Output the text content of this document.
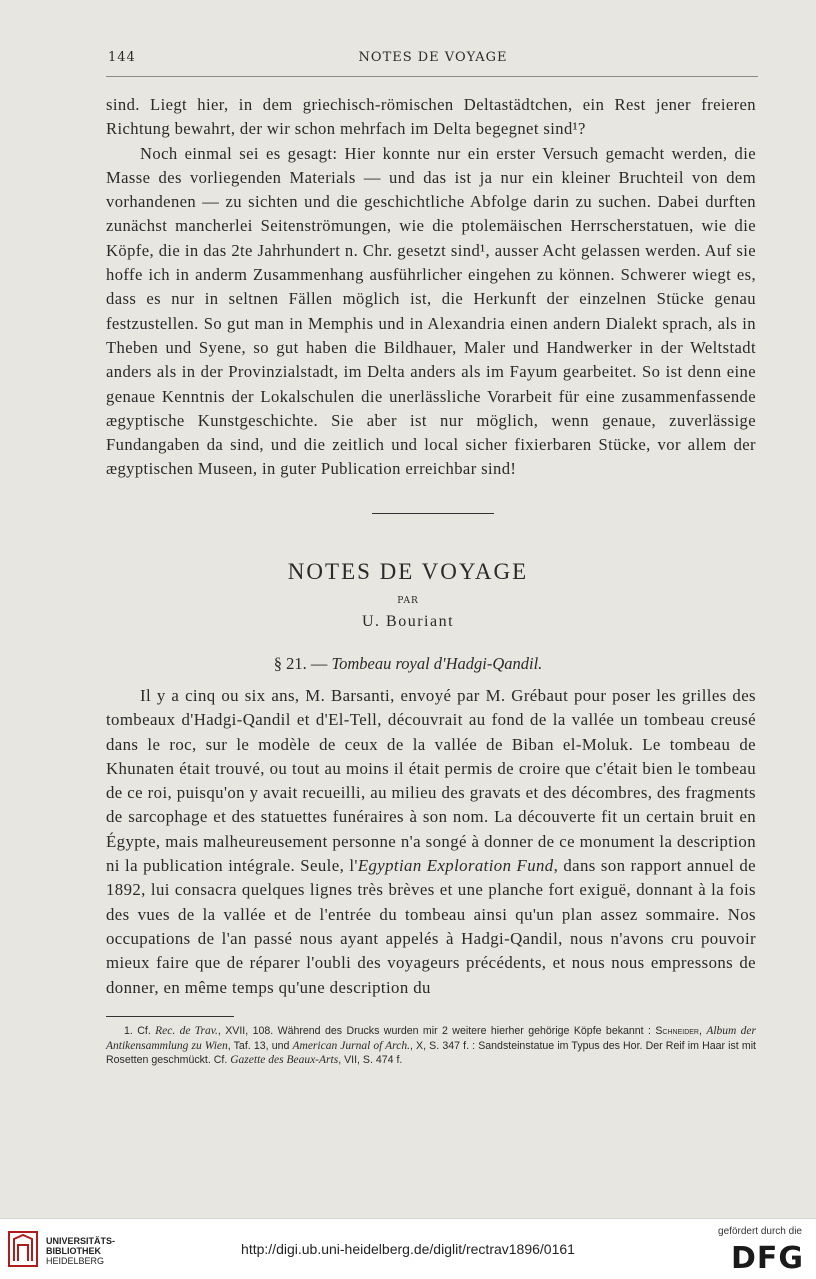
144	NOTES DE VOYAGE

sind. Liegt hier, in dem griechisch-römischen Deltastädtchen, ein Rest jener freieren Richtung bewahrt, der wir schon mehrfach im Delta begegnet sind¹?

Noch einmal sei es gesagt: Hier konnte nur ein erster Versuch gemacht werden, die Masse des vorliegenden Materials — und das ist ja nur ein kleiner Bruchteil von dem vorhandenen — zu sichten und die geschichtliche Abfolge darin zu suchen. Dabei durften zunächst mancherlei Seitenströmungen, wie die ptolemäischen Herrscherstatuen, wie die Köpfe, die in das 2te Jahrhundert n. Chr. gesetzt sind¹, ausser Acht gelassen werden. Auf sie hoffe ich in anderm Zusammenhang ausführlicher eingehen zu können. Schwerer wiegt es, dass es nur in seltnen Fällen möglich ist, die Herkunft der einzelnen Stücke genau festzustellen. So gut man in Memphis und in Alexandria einen andern Dialekt sprach, als in Theben und Syene, so gut haben die Bildhauer, Maler und Handwerker in der Weltstadt anders als in der Provinzialstadt, im Delta anders als im Fayum gearbeitet. So ist denn eine genaue Kenntnis der Lokalschulen die unerlässliche Vorarbeit für eine zusammenfassende ægyptische Kunstgeschichte. Sie aber ist nur möglich, wenn genaue, zuverlässige Fundangaben da sind, und die zeitlich und local sicher fixierbaren Stücke, vor allem der ægyptischen Museen, in guter Publication erreichbar sind!

NOTES DE VOYAGE
PAR
U. Bouriant
§ 21. — Tombeau royal d'Hadgi-Qandil.

Il y a cinq ou six ans, M. Barsanti, envoyé par M. Grébaut pour poser les grilles des tombeaux d'Hadgi-Qandil et d'El-Tell, découvrait au fond de la vallée un tombeau creusé dans le roc, sur le modèle de ceux de la vallée de Biban el-Moluk. Le tombeau de Khunaten était trouvé, ou tout au moins il était permis de croire que c'était bien le tombeau de ce roi, puisqu'on y avait recueilli, au milieu des gravats et des décombres, des fragments de sarcophage et des statuettes funéraires à son nom. La découverte fit un certain bruit en Égypte, mais malheureusement personne n'a songé à donner de ce monument la description ni la publication intégrale. Seule, l'Egyptian Exploration Fund, dans son rapport annuel de 1892, lui consacra quelques lignes très brèves et une planche fort exiguë, donnant à la fois des vues de la vallée et de l'entrée du tombeau ainsi qu'un plan assez sommaire. Nos occupations de l'an passé nous ayant appelés à Hadgi-Qandil, nous n'avons cru pouvoir mieux faire que de réparer l'oubli des voyageurs précédents, et nous nous empressons de donner, en même temps qu'une description du

1. Cf. Rec. de Trav., XVII, 108. Während des Drucks wurden mir 2 weitere hierher gehörige Köpfe bekannt : Schneider, Album der Antikensammlung zu Wien, Taf. 13, und American Jurnal of Arch., X, S. 347 f. : Sandsteinstatue im Typus des Hor. Der Reif im Haar ist mit Rosetten geschmückt. Cf. Gazette des Beaux-Arts, VII, S. 474 f.
UNIVERSITÄTS-
BIBLIOTHEK
HEIDELBERG
http://digi.ub.uni-heidelberg.de/diglit/rectrav1896/0161
gefördert durch die
DFG
